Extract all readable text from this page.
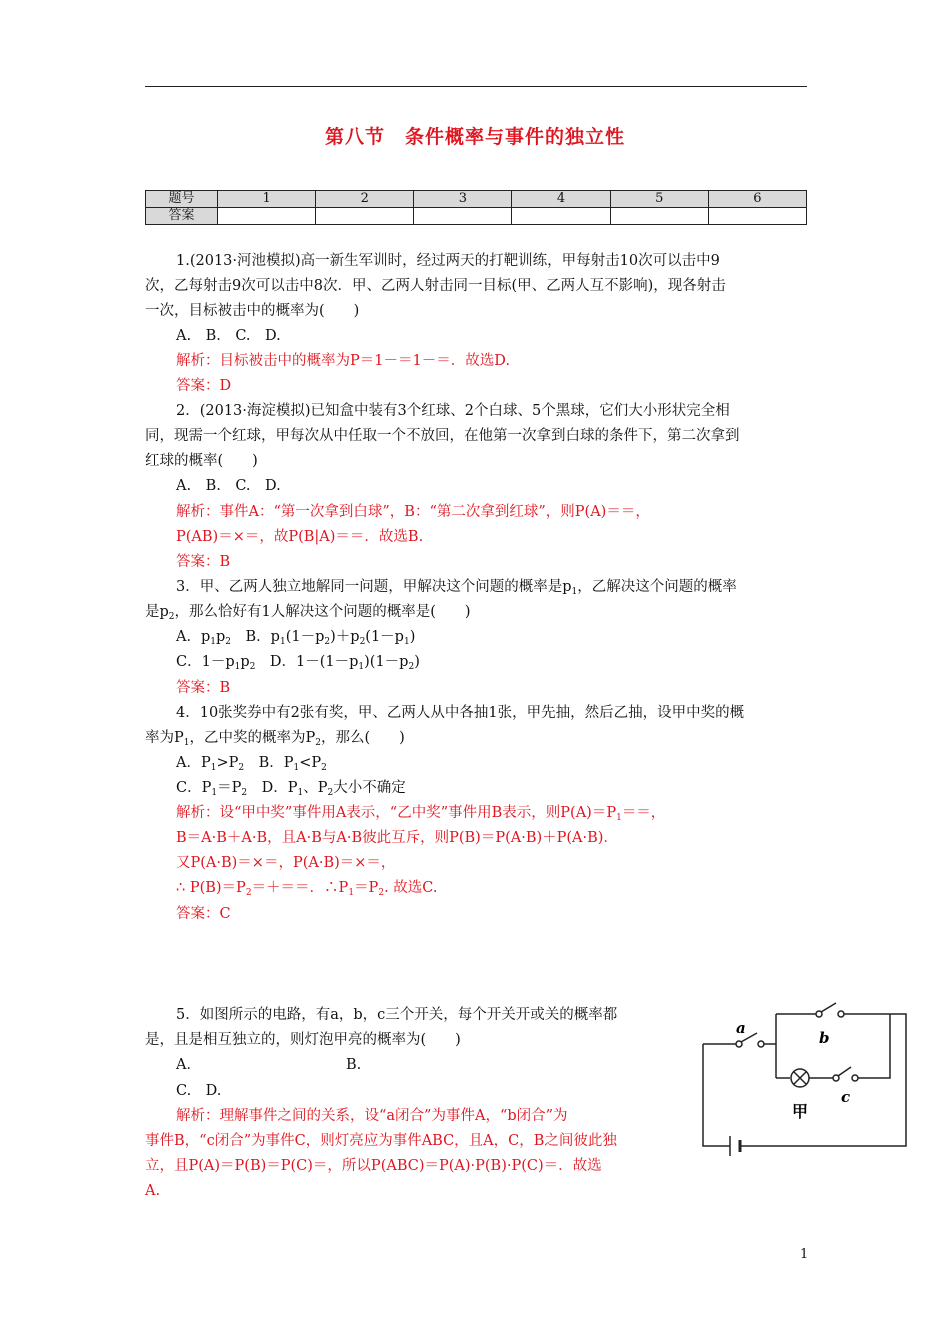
第八节　条件概率与事件的独立性
题号	1	2	3	4	5	6
答案						
1.(2013·河池模拟)高一新生军训时，经过两天的打靶训练，甲每射击10次可以击中9
次，乙每射击9次可以击中8次．甲、乙两人射击同一目标(甲、乙两人互不影响)，现各射击
一次，目标被击中的概率为(　　)
A.　B.　C.　D.
解析：目标被击中的概率为P＝1－＝1－＝．故选D.
答案：D
2．(2013·海淀模拟)已知盒中装有3个红球、2个白球、5个黑球，它们大小形状完全相
同，现需一个红球，甲每次从中任取一个不放回，在他第一次拿到白球的条件下，第二次拿到
红球的概率(　　)
A.　B.　C.　D.
解析：事件A：“第一次拿到白球”，B：“第二次拿到红球”，则P(A)＝＝，
P(AB)＝×＝，故P(B|A)＝＝．故选B.
答案：B
3．甲、乙两人独立地解同一问题，甲解决这个问题的概率是$p_1$，乙解决这个问题的概率
是$p_2$，那么恰好有1人解决这个问题的概率是(　　)
A．$p_1p_2$　B．$p_1(1-p_2)+p_2(1-p_1)$
C．$1-p_1p_2$　D．$1-(1-p_1)(1-p_2)$
答案：B
4．10张奖券中有2张有奖，甲、乙两人从中各抽1张，甲先抽，然后乙抽，设甲中奖的概
率为$P_1$，乙中奖的概率为$P_2$，那么(　　)
A．$P_1>P_2$　B．$P_1<P_2$
C．$P_1=P_2$　D．$P_1$、$P_2$大小不确定
解析：设“甲中奖”事件用A表示，“乙中奖”事件用B表示，则$P(A)=P_1==$，
B＝A·B＋A·B，且A·B与A·B彼此互斥，则P(B)＝P(A·B)＋P(A·B)．
又P(A·B)＝×＝，P(A·B)＝×＝，
∴ $P(B)=P_2=+==$．$\therefore P_1=P_2$. 故选C.
答案：C
5．如图所示的电路，有a，b，c三个开关，每个开关开或关的概率都
是，且是相互独立的，则灯泡甲亮的概率为(　　)
A．	B.
C.　D.
解析：理解事件之间的关系，设“a闭合”为事件A，“b闭合”为
事件B，“c闭合”为事件C，则灯亮应为事件ABC，且A，C，B之间彼此独
立，且P(A)＝P(B)＝P(C)＝，所以P(ABC)＝P(A)·P(B)·P(C)＝．故选
A.
a
b
c
甲
1
